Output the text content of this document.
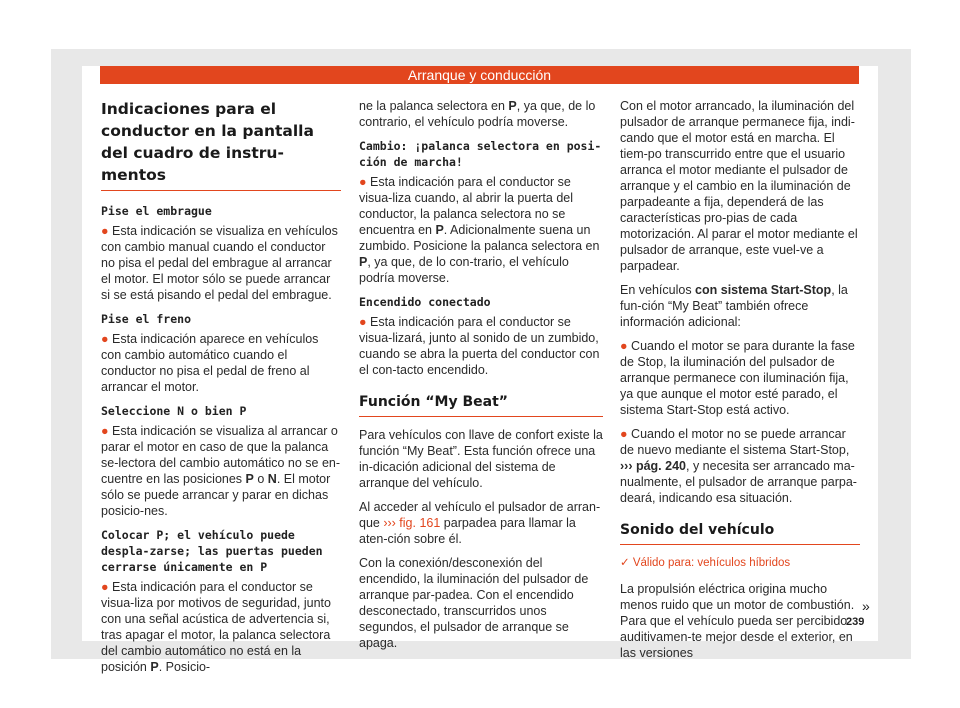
Arranque y conducción
Indicaciones para el conductor en la pantalla del cuadro de instru-mentos

Pise el embrague

● Esta indicación se visualiza en vehículos con cambio manual cuando el conductor no pisa el pedal del embrague al arrancar el motor. El motor sólo se puede arrancar si se está pisando el pedal del embrague.

Pise el freno

● Esta indicación aparece en vehículos con cambio automático cuando el conductor no pisa el pedal de freno al arrancar el motor.

Seleccione N o bien P

● Esta indicación se visualiza al arrancar o parar el motor en caso de que la palanca se-lectora del cambio automático no se en-cuentre en las posiciones P o N. El motor sólo se puede arrancar y parar en dichas posicio-nes.

Colocar P; el vehículo puede despla-zarse; las puertas pueden cerrarse únicamente en P

● Esta indicación para el conductor se visua-liza por motivos de seguridad, junto con una señal acústica de advertencia si, tras apagar el motor, la palanca selectora del cambio automático no está en la posición P. Posicio-

ne la palanca selectora en P, ya que, de lo contrario, el vehículo podría moverse.

Cambio: ¡palanca selectora en posi-ción de marcha!

● Esta indicación para el conductor se visua-liza cuando, al abrir la puerta del conductor, la palanca selectora no se encuentra en P. Adicionalmente suena un zumbido. Posicione la palanca selectora en P, ya que, de lo con-trario, el vehículo podría moverse.

Encendido conectado

● Esta indicación para el conductor se visua-lizará, junto al sonido de un zumbido, cuando se abra la puerta del conductor con el con-tacto encendido.

Función “My Beat”

Para vehículos con llave de confort existe la función “My Beat”. Esta función ofrece una in-dicación adicional del sistema de arranque del vehículo.

Al acceder al vehículo el pulsador de arran-que ››› fig. 161 parpadea para llamar la aten-ción sobre él.

Con la conexión/desconexión del encendido, la iluminación del pulsador de arranque par-padea. Con el encendido desconectado, transcurridos unos segundos, el pulsador de arranque se apaga.

Con el motor arrancado, la iluminación del pulsador de arranque permanece fija, indi-cando que el motor está en marcha. El tiem-po transcurrido entre que el usuario arranca el motor mediante el pulsador de arranque y el cambio en la iluminación de parpadeante a fija, dependerá de las características pro-pias de cada motorización. Al parar el motor mediante el pulsador de arranque, este vuel-ve a parpadear.

En vehículos con sistema Start-Stop, la fun-ción “My Beat” también ofrece información adicional:

● Cuando el motor se para durante la fase de Stop, la iluminación del pulsador de arranque permanece con iluminación fija, ya que aunque el motor esté parado, el sistema Start-Stop está activo.

● Cuando el motor no se puede arrancar de nuevo mediante el sistema Start-Stop, ››› pág. 240, y necesita ser arrancado ma-nualmente, el pulsador de arranque parpa-deará, indicando esa situación.

Sonido del vehículo

✓ Válido para: vehículos híbridos

La propulsión eléctrica origina mucho menos ruido que un motor de combustión. Para que el vehículo pueda ser percibido auditivamen-te mejor desde el exterior, en las versiones

»
239
